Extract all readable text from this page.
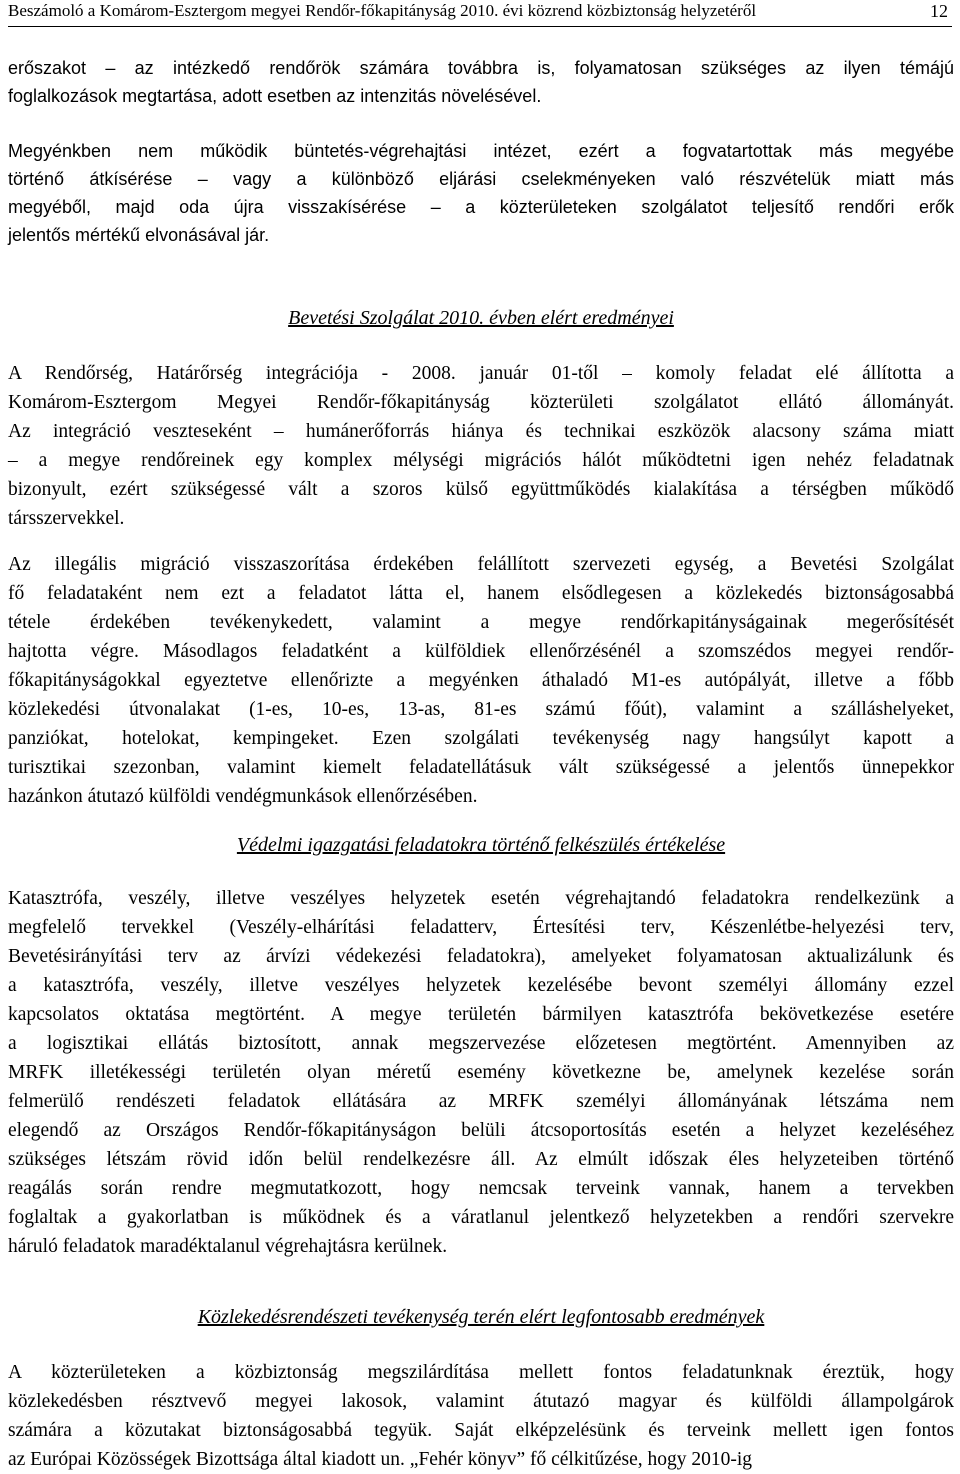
Beszámoló a Komárom-Esztergom megyei Rendőr-főkapitányság 2010. évi közrend közbiztonság helyzetéről	12
erőszakot – az intézkedő rendőrök számára továbbra is, folyamatosan szükséges az ilyen témájú
foglalkozások megtartása, adott esetben az intenzitás növelésével.
Megyénkben nem működik büntetés-végrehajtási intézet, ezért a fogvatartottak más megyébe
történő átkísérése – vagy a különböző eljárási cselekményeken való részvételük miatt más
megyéből, majd oda újra visszakísérése – a közterületeken szolgálatot teljesítő rendőri erők
jelentős mértékű elvonásával jár.
Bevetési Szolgálat 2010. évben elért eredményei
A Rendőrség, Határőrség integrációja - 2008. január 01-től – komoly feladat elé állította a
Komárom-Esztergom Megyei Rendőr-főkapitányság közterületi szolgálatot ellátó állományát.
Az integráció veszteseként – humánerőforrás hiánya és technikai eszközök alacsony száma miatt
– a megye rendőreinek egy komplex mélységi migrációs hálót működtetni igen nehéz feladatnak
bizonyult, ezért szükségessé vált a szoros külső együttműködés kialakítása a térségben működő
társszervekkel.
Az illegális migráció visszaszorítása érdekében felállított szervezeti egység, a Bevetési Szolgálat
fő feladataként nem ezt a feladatot látta el, hanem elsődlegesen a közlekedés biztonságosabbá
tétele érdekében tevékenykedett, valamint a megye rendőrkapitányságainak megerősítését
hajtotta végre. Másodlagos feladatként a külföldiek ellenőrzésénél a szomszédos megyei rendőr-
főkapitányságokkal egyeztetve ellenőrizte a megyénken áthaladó M1-es autópályát, illetve a főbb
közlekedési útvonalakat (1-es, 10-es, 13-as, 81-es számú főút), valamint a szálláshelyeket,
panziókat, hotelokat, kempingeket. Ezen szolgálati tevékenység nagy hangsúlyt kapott a
turisztikai szezonban, valamint kiemelt feladatellátásuk vált szükségessé a jelentős ünnepekkor
hazánkon átutazó külföldi vendégmunkások ellenőrzésében.
Védelmi igazgatási feladatokra történő felkészülés értékelése
Katasztrófa, veszély, illetve veszélyes helyzetek esetén végrehajtandó feladatokra rendelkezünk a
megfelelő tervekkel (Veszély-elhárítási feladatterv, Értesítési terv, Készenlétbe-helyezési terv,
Bevetésirányítási terv az árvízi védekezési feladatokra), amelyeket folyamatosan aktualizálunk és
a katasztrófa, veszély, illetve veszélyes helyzetek kezelésébe bevont személyi állomány ezzel
kapcsolatos oktatása megtörtént. A megye területén bármilyen katasztrófa bekövetkezése esetére
a logisztikai ellátás biztosított, annak megszervezése előzetesen megtörtént. Amennyiben az
MRFK illetékességi területén olyan méretű esemény következne be, amelynek kezelése során
felmerülő rendészeti feladatok ellátására az MRFK személyi állományának létszáma nem
elegendő az Országos Rendőr-főkapitányságon belüli átcsoportosítás esetén a helyzet kezeléséhez
szükséges létszám rövid időn belül rendelkezésre áll. Az elmúlt időszak éles helyzeteiben történő
reagálás során rendre megmutatkozott, hogy nemcsak terveink vannak, hanem a tervekben
foglaltak a gyakorlatban is működnek és a váratlanul jelentkező helyzetekben a rendőri szervekre
háruló feladatok maradéktalanul végrehajtásra kerülnek.
Közlekedésrendészeti tevékenység terén elért legfontosabb eredmények
A közterületeken a közbiztonság megszilárdítása mellett fontos feladatunknak éreztük, hogy
közlekedésben résztvevő megyei lakosok, valamint átutazó magyar és külföldi állampolgárok
számára a közutakat biztonságosabbá tegyük. Saját elképzelésünk és terveink mellett igen fontos
az Európai Közösségek Bizottsága által kiadott un. „Fehér könyv” fő célkitűzése, hogy 2010-ig
